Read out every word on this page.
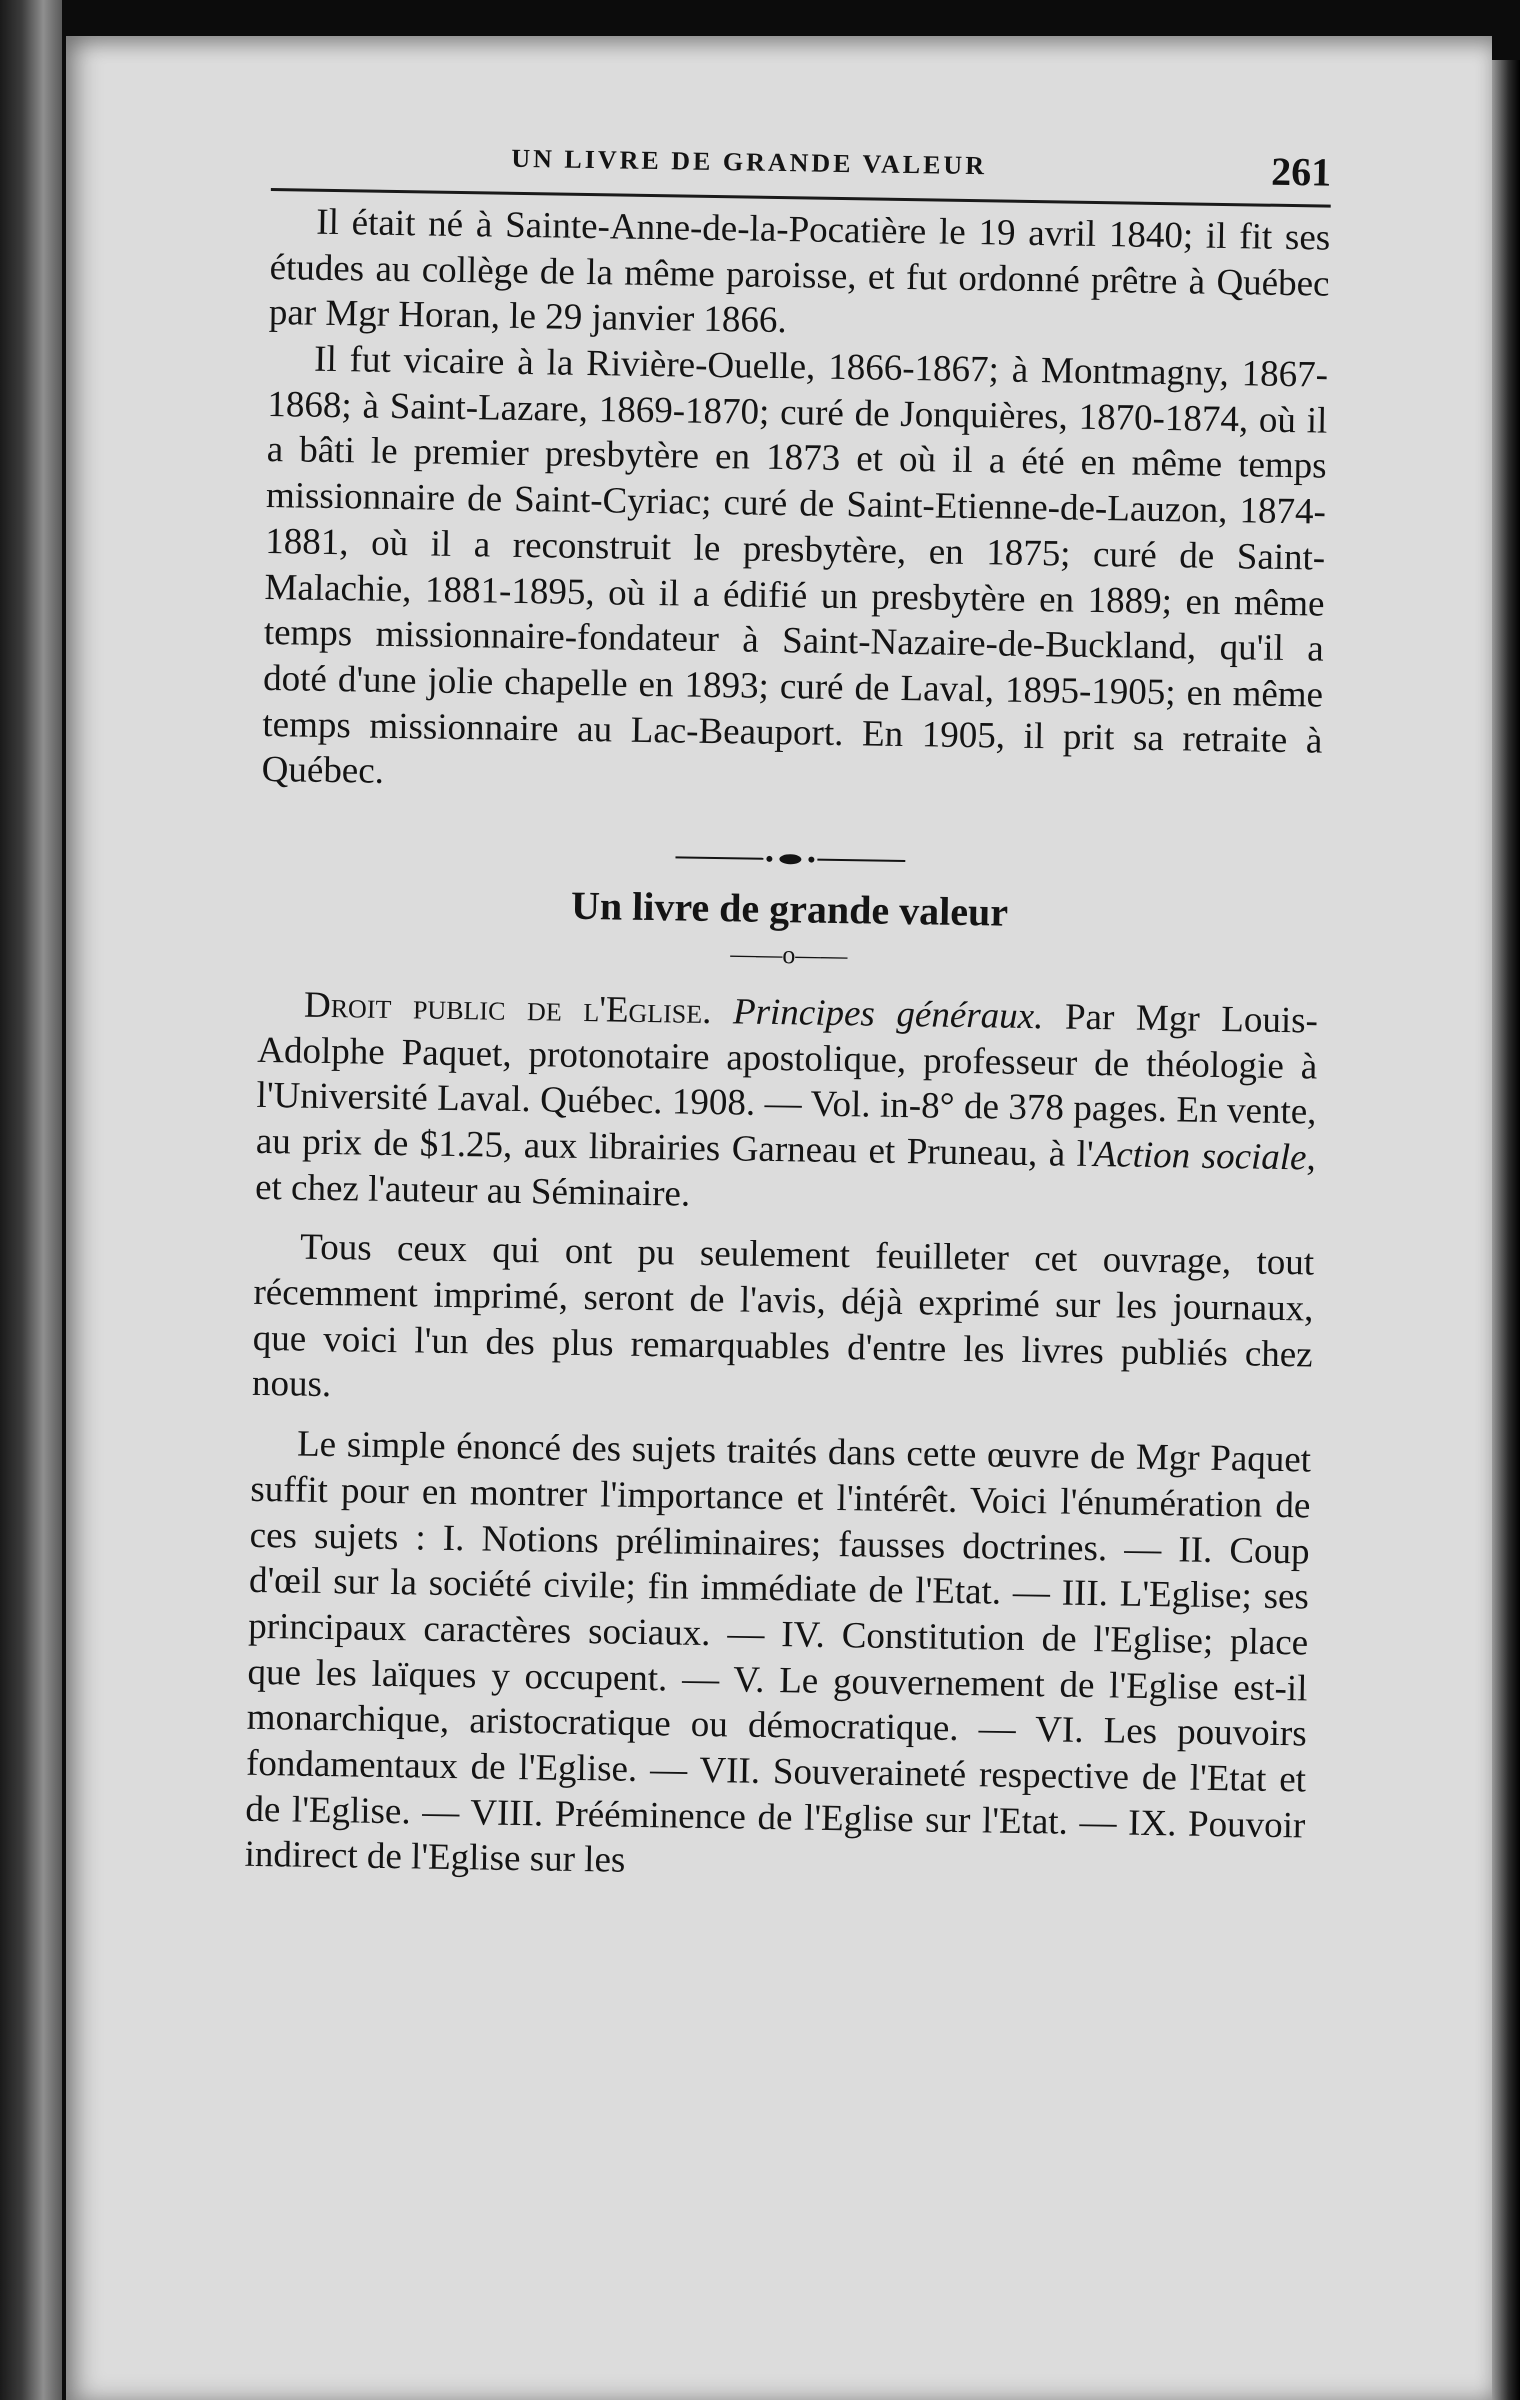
UN LIVRE DE GRANDE VALEUR	261

Il était né à Sainte-Anne-de-la-Pocatière le 19 avril 1840; il fit ses études au collège de la même paroisse, et fut ordonné prêtre à Québec par Mgr Horan, le 29 janvier 1866.

Il fut vicaire à la Rivière-Ouelle, 1866-1867; à Montmagny, 1867-1868; à Saint-Lazare, 1869-1870; curé de Jonquières, 1870-1874, où il a bâti le premier presbytère en 1873 et où il a été en même temps missionnaire de Saint-Cyriac; curé de Saint-Etienne-de-Lauzon, 1874-1881, où il a reconstruit le presbytère, en 1875; curé de Saint-Malachie, 1881-1895, où il a édifié un presbytère en 1889; en même temps missionnaire-fondateur à Saint-Nazaire-de-Buckland, qu'il a doté d'une jolie chapelle en 1893; curé de Laval, 1895-1905; en même temps missionnaire au Lac-Beauport. En 1905, il prit sa retraite à Québec.

Un livre de grande valeur
——o——

Droit public de l'Eglise. Principes généraux. Par Mgr Louis-Adolphe Paquet, protonotaire apostolique, professeur de théologie à l'Université Laval. Québec. 1908. — Vol. in-8° de 378 pages. En vente, au prix de $1.25, aux librairies Garneau et Pruneau, à l'Action sociale, et chez l'auteur au Séminaire.

Tous ceux qui ont pu seulement feuilleter cet ouvrage, tout récemment imprimé, seront de l'avis, déjà exprimé sur les journaux, que voici l'un des plus remarquables d'entre les livres publiés chez nous.

Le simple énoncé des sujets traités dans cette œuvre de Mgr Paquet suffit pour en montrer l'importance et l'intérêt. Voici l'énumération de ces sujets : I. Notions préliminaires; fausses doctrines. — II. Coup d'œil sur la société civile; fin immédiate de l'Etat. — III. L'Eglise; ses principaux caractères sociaux. — IV. Constitution de l'Eglise; place que les laïques y occupent. — V. Le gouvernement de l'Eglise est-il monarchique, aristocratique ou démocratique. — VI. Les pouvoirs fondamentaux de l'Eglise. — VII. Souveraineté respective de l'Etat et de l'Eglise. — VIII. Prééminence de l'Eglise sur l'Etat. — IX. Pouvoir indirect de l'Eglise sur les
